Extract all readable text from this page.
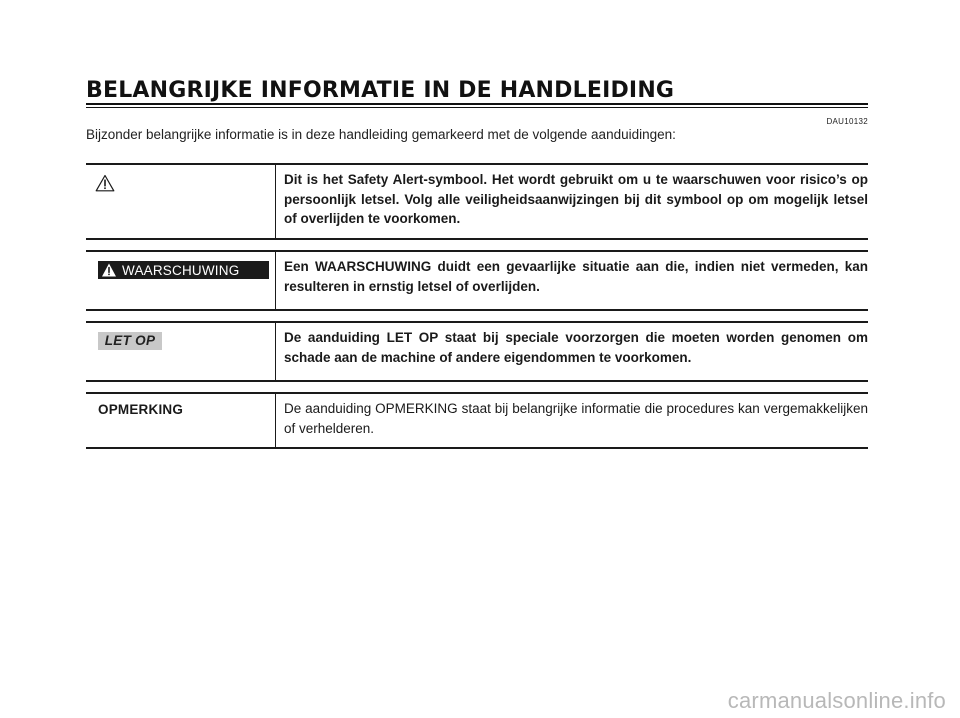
BELANGRIJKE INFORMATIE IN DE HANDLEIDING
DAU10132

Bijzonder belangrijke informatie is in deze handleiding gemarkeerd met de volgende aanduidingen:

Dit is het Safety Alert-symbool. Het wordt gebruikt om u te waarschuwen voor risico’s op persoonlijk letsel. Volg alle veiligheidsaanwijzingen bij dit symbool op om mogelijk letsel of overlijden te voorkomen.
WAARSCHUWING	Een WAARSCHUWING duidt een gevaarlijke situatie aan die, indien niet vermeden, kan resulteren in ernstig letsel of overlijden.
LET OP	De aanduiding LET OP staat bij speciale voorzorgen die moeten worden genomen om schade aan de machine of andere eigendommen te voorkomen.
OPMERKING	De aanduiding OPMERKING staat bij belangrijke informatie die procedures kan vergemakkelijken of verhelderen.
carmanualsonline.info
